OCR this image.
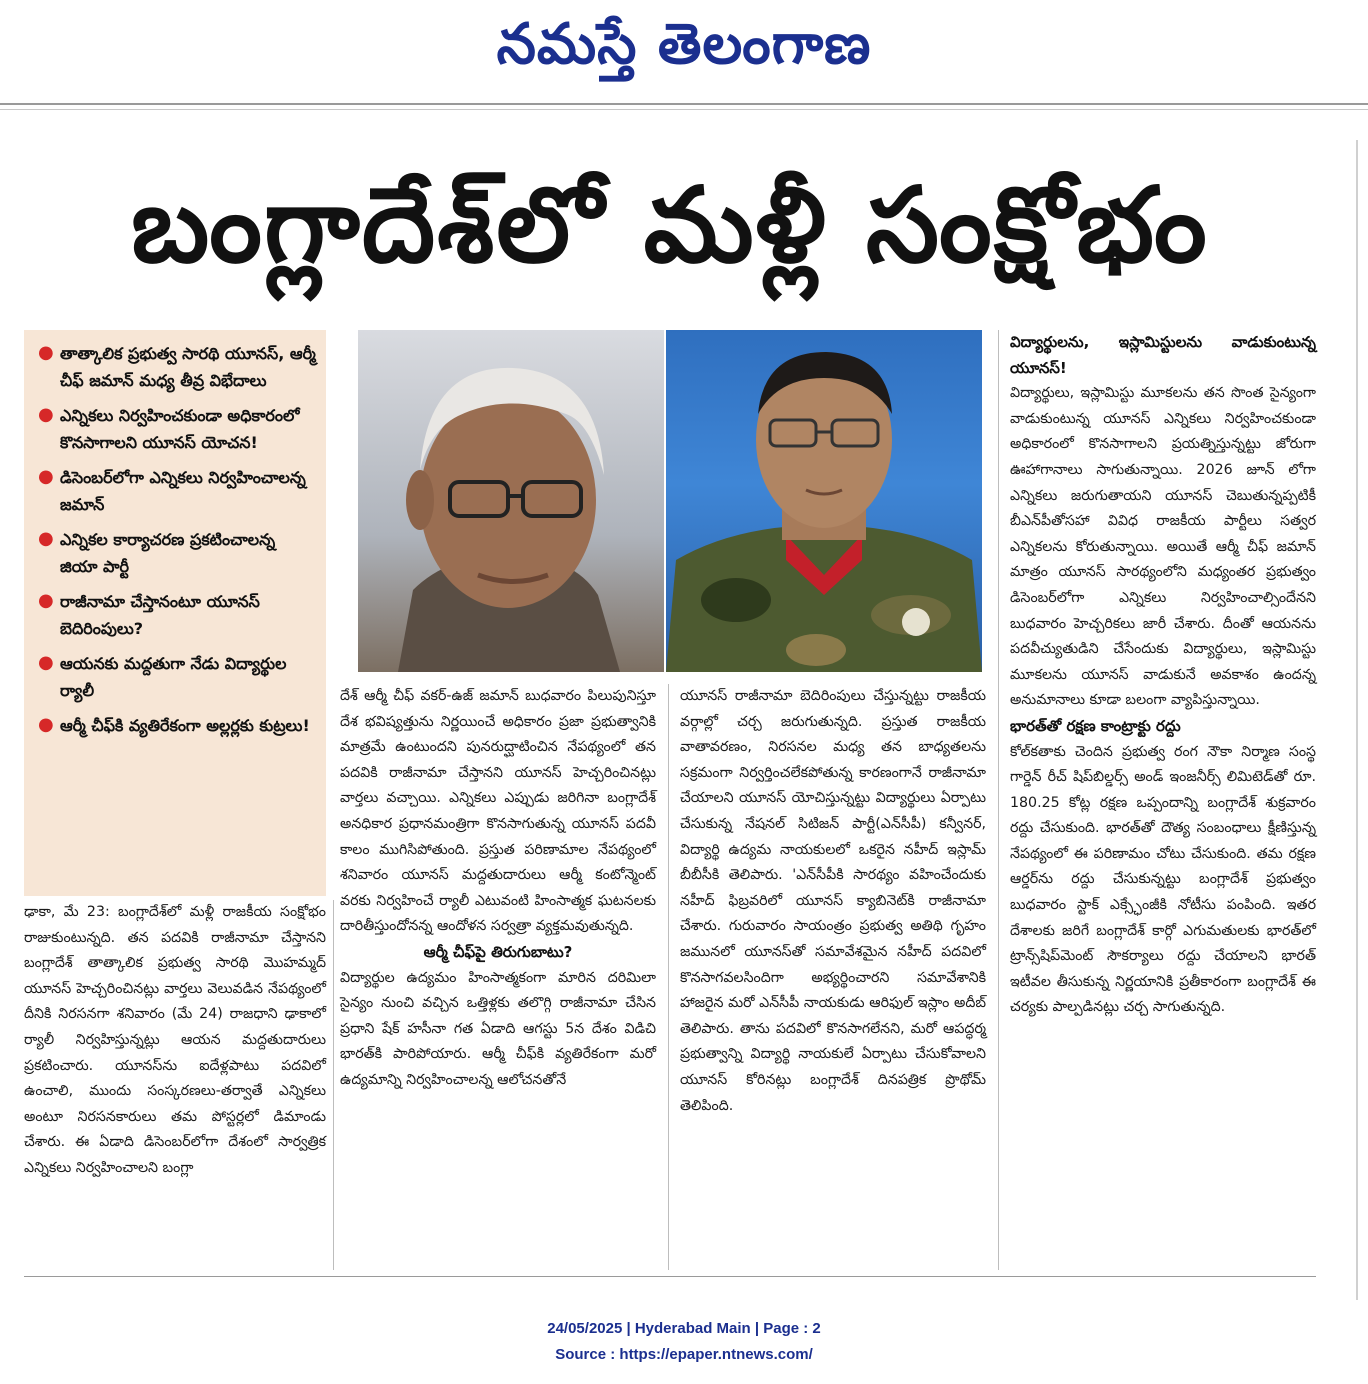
నమస్తే తెలంగాణ
బంగ్లాదేశ్‌లో మళ్లీ సంక్షోభం
● తాత్కాలిక ప్రభుత్వ సారథి యూనస్, ఆర్మీ చీఫ్ జమాన్ మధ్య తీవ్ర విభేదాలు
● ఎన్నికలు నిర్వహించకుండా అధికారంలో కొనసాగాలని యూనస్ యోచన!
● డిసెంబర్‌లోగా ఎన్నికలు నిర్వహించాలన్న జమాన్
● ఎన్నికల కార్యాచరణ ప్రకటించాలన్న జియా పార్టీ
● రాజీనామా చేస్తానంటూ యూనస్ బెదిరింపులు?
● ఆయనకు మద్దతుగా నేడు విద్యార్థుల ర్యాలీ
● ఆర్మీ చీఫ్‌కి వ్యతిరేకంగా అల్లర్లకు కుట్రలు!

ఢాకా, మే 23: బంగ్లాదేశ్‌లో మళ్లీ రాజకీయ సంక్షోభం రాజుకుంటున్నది. తన పదవికి రాజీనామా చేస్తానని బంగ్లాదేశ్ తాత్కాలిక ప్రభుత్వ సారథి మొహమ్మద్ యూనస్ హెచ్చరించినట్లు వార్తలు వెలువడిన నేపథ్యంలో దీనికి నిరసనగా శనివారం (మే 24) రాజధాని ఢాకాలో ర్యాలీ నిర్వహిస్తున్నట్లు ఆయన మద్దతుదారులు ప్రకటించారు. యూనస్‌ను ఐదేళ్లపాటు పదవిలో ఉంచాలి, ముందు సంస్కరణలు-తర్వాతే ఎన్నికలు అంటూ నిరసనకారులు తమ పోస్టర్లలో డిమాండు చేశారు. ఈ ఏడాది డిసెంబర్‌లోగా దేశంలో సార్వత్రిక ఎన్నికలు నిర్వహించాలని బంగ్లా

దేశ్ ఆర్మీ చీఫ్ వకర్-ఉజ్ జమాన్ బుధవారం పిలుపునిస్తూ దేశ భవిష్యత్తును నిర్ణయించే అధికారం ప్రజా ప్రభుత్వానికి మాత్రమే ఉంటుందని పునరుద్ఘాటించిన నేపథ్యంలో తన పదవికి రాజీనామా చేస్తానని యూనస్ హెచ్చరించినట్లు వార్తలు వచ్చాయి. ఎన్నికలు ఎప్పుడు జరిగినా బంగ్లాదేశ్ అనధికార ప్రధానమంత్రిగా కొనసాగుతున్న యూనస్ పదవీ కాలం ముగిసిపోతుంది. ప్రస్తుత పరిణామాల నేపథ్యంలో శనివారం యూనస్ మద్దతుదారులు ఆర్మీ కంటోన్మెంట్ వరకు నిర్వహించే ర్యాలీ ఎటువంటి హింసాత్మక ఘటనలకు దారితీస్తుందోనన్న ఆందోళన సర్వత్రా వ్యక్తమవుతున్నది.

ఆర్మీ చీఫ్‌పై తిరుగుబాటు?

విద్యార్థుల ఉద్యమం హింసాత్మకంగా మారిన దరిమిలా సైన్యం నుంచి వచ్చిన ఒత్తిళ్లకు తలొగ్గి రాజీనామా చేసిన ప్రధాని షేక్ హసీనా గత ఏడాది ఆగస్టు 5న దేశం విడిచి భారత్‌కి పారిపోయారు. ఆర్మీ చీఫ్‌కి వ్యతిరేకంగా మరో ఉద్యమాన్ని నిర్వహించాలన్న ఆలోచనతోనే

యూనస్ రాజీనామా బెదిరింపులు చేస్తున్నట్టు రాజకీయ వర్గాల్లో చర్చ జరుగుతున్నది. ప్రస్తుత రాజకీయ వాతావరణం, నిరసనల మధ్య తన బాధ్యతలను సక్రమంగా నిర్వర్తించలేకపోతున్న కారణంగానే రాజీనామా చేయాలని యూనస్ యోచిస్తున్నట్టు విద్యార్థులు ఏర్పాటు చేసుకున్న నేషనల్ సిటిజన్ పార్టీ(ఎన్‌సీపీ) కన్వీనర్, విద్యార్థి ఉద్యమ నాయకులలో ఒకరైన నహీద్ ఇస్లామ్ బీబీసీకి తెలిపారు. 'ఎన్‌సీపీకి సారథ్యం వహించేందుకు నహీద్ ఫిబ్రవరిలో యూనస్ క్యాబినెట్‌కి రాజీనామా చేశారు. గురువారం సాయంత్రం ప్రభుత్వ అతిథి గృహం జమునలో యూనస్‌తో సమావేశమైన నహీద్ పదవిలో కొనసాగవలసిందిగా అభ్యర్థించారని సమావేశానికి హాజరైన మరో ఎన్‌సీపీ నాయకుడు ఆరిఫుల్ ఇస్లాం అదీబ్ తెలిపారు. తాను పదవిలో కొనసాగలేనని, మరో ఆపద్ధర్మ ప్రభుత్వాన్ని విద్యార్థి నాయకులే ఏర్పాటు చేసుకోవాలని యూనస్ కోరినట్లు బంగ్లాదేశ్ దినపత్రిక ప్రొథోమ్ తెలిపింది.

విద్యార్థులను, ఇస్లామిస్టులను వాడుకుంటున్న యూనస్!

విద్యార్థులు, ఇస్లామిస్టు మూకలను తన సొంత సైన్యంగా వాడుకుంటున్న యూనస్ ఎన్నికలు నిర్వహించకుండా అధికారంలో కొనసాగాలని ప్రయత్నిస్తున్నట్టు జోరుగా ఊహాగానాలు సాగుతున్నాయి. 2026 జూన్ లోగా ఎన్నికలు జరుగుతాయని యూనస్ చెబుతున్నప్పటికీ బీఎన్‌పీతోసహా వివిధ రాజకీయ పార్టీలు సత్వర ఎన్నికలను కోరుతున్నాయి. అయితే ఆర్మీ చీఫ్ జమాన్ మాత్రం యూనస్ సారథ్యంలోని మధ్యంతర ప్రభుత్వం డిసెంబర్‌లోగా ఎన్నికలు నిర్వహించాల్సిందేనని బుధవారం హెచ్చరికలు జారీ చేశారు. దీంతో ఆయనను పదవీచ్యుతుడిని చేసేందుకు విద్యార్థులు, ఇస్లామిస్టు మూకలను యూనస్ వాడుకునే అవకాశం ఉందన్న అనుమానాలు కూడా బలంగా వ్యాపిస్తున్నాయి.

భారత్‌తో రక్షణ కాంట్రాక్టు రద్దు

కోల్‌కతాకు చెందిన ప్రభుత్వ రంగ నౌకా నిర్మాణ సంస్థ గార్డెన్ రీచ్ షిప్‌బిల్డర్స్ అండ్ ఇంజనీర్స్ లిమిటెడ్‌తో రూ. 180.25 కోట్ల రక్షణ ఒప్పందాన్ని బంగ్లాదేశ్ శుక్రవారం రద్దు చేసుకుంది. భారత్‌తో దౌత్య సంబంధాలు క్షీణిస్తున్న నేపథ్యంలో ఈ పరిణామం చోటు చేసుకుంది. తమ రక్షణ ఆర్డర్‌ను రద్దు చేసుకున్నట్టు బంగ్లాదేశ్ ప్రభుత్వం బుధవారం స్టాక్ ఎక్స్ఛేంజీకి నోటీసు పంపింది. ఇతర దేశాలకు జరిగే బంగ్లాదేశ్ కార్గో ఎగుమతులకు భారత్‌లో ట్రాన్స్‌షిప్‌మెంట్ సౌకర్యాలు రద్దు చేయాలని భారత్ ఇటీవల తీసుకున్న నిర్ణయానికి ప్రతీకారంగా బంగ్లాదేశ్ ఈ చర్యకు పాల్పడినట్లు చర్చ సాగుతున్నది.

24/05/2025 | Hyderabad Main | Page : 2
Source : https://epaper.ntnews.com/
